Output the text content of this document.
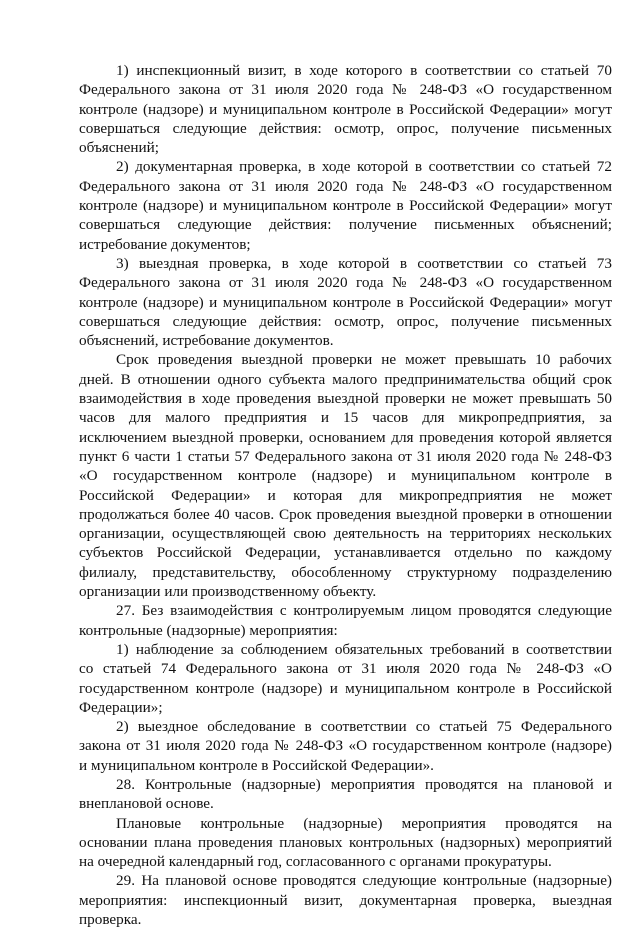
1) инспекционный визит, в ходе которого в соответствии со статьей 70
Федерального закона от 31 июля 2020 года № 248-ФЗ «О государственном
контроле (надзоре) и муниципальном контроле в Российской Федерации» могут
совершаться следующие действия: осмотр, опрос, получение письменных
объяснений;
2) документарная проверка, в ходе которой в соответствии со статьей 72
Федерального закона от 31 июля 2020 года № 248-ФЗ «О государственном
контроле (надзоре) и муниципальном контроле в Российской Федерации» могут
совершаться следующие действия: получение письменных объяснений;
истребование документов;
3) выездная проверка, в ходе которой в соответствии со статьей 73
Федерального закона от 31 июля 2020 года № 248-ФЗ «О государственном
контроле (надзоре) и муниципальном контроле в Российской Федерации» могут
совершаться следующие действия: осмотр, опрос, получение письменных
объяснений, истребование документов.
Срок проведения выездной проверки не может превышать 10 рабочих
дней. В отношении одного субъекта малого предпринимательства общий срок
взаимодействия в ходе проведения выездной проверки не может превышать 50
часов для малого предприятия и 15 часов для микропредприятия, за
исключением выездной проверки, основанием для проведения которой является
пункт 6 части 1 статьи 57 Федерального закона от 31 июля 2020 года № 248-ФЗ
«О государственном контроле (надзоре) и муниципальном контроле в
Российской Федерации» и которая для микропредприятия не может
продолжаться более 40 часов. Срок проведения выездной проверки в отношении
организации, осуществляющей свою деятельность на территориях нескольких
субъектов Российской Федерации, устанавливается отдельно по каждому
филиалу, представительству, обособленному структурному подразделению
организации или производственному объекту.
27. Без взаимодействия с контролируемым лицом проводятся следующие
контрольные (надзорные) мероприятия:
1) наблюдение за соблюдением обязательных требований в соответствии
со статьей 74 Федерального закона от 31 июля 2020 года № 248-ФЗ «О
государственном контроле (надзоре) и муниципальном контроле в Российской
Федерации»;
2) выездное обследование в соответствии со статьей 75 Федерального
закона от 31 июля 2020 года № 248-ФЗ «О государственном контроле (надзоре)
и муниципальном контроле в Российской Федерации».
28. Контрольные (надзорные) мероприятия проводятся на плановой и
внеплановой основе.
Плановые контрольные (надзорные) мероприятия проводятся на
основании плана проведения плановых контрольных (надзорных) мероприятий
на очередной календарный год, согласованного с органами прокуратуры.
29. На плановой основе проводятся следующие контрольные (надзорные)
мероприятия: инспекционный визит, документарная проверка, выездная
проверка.
